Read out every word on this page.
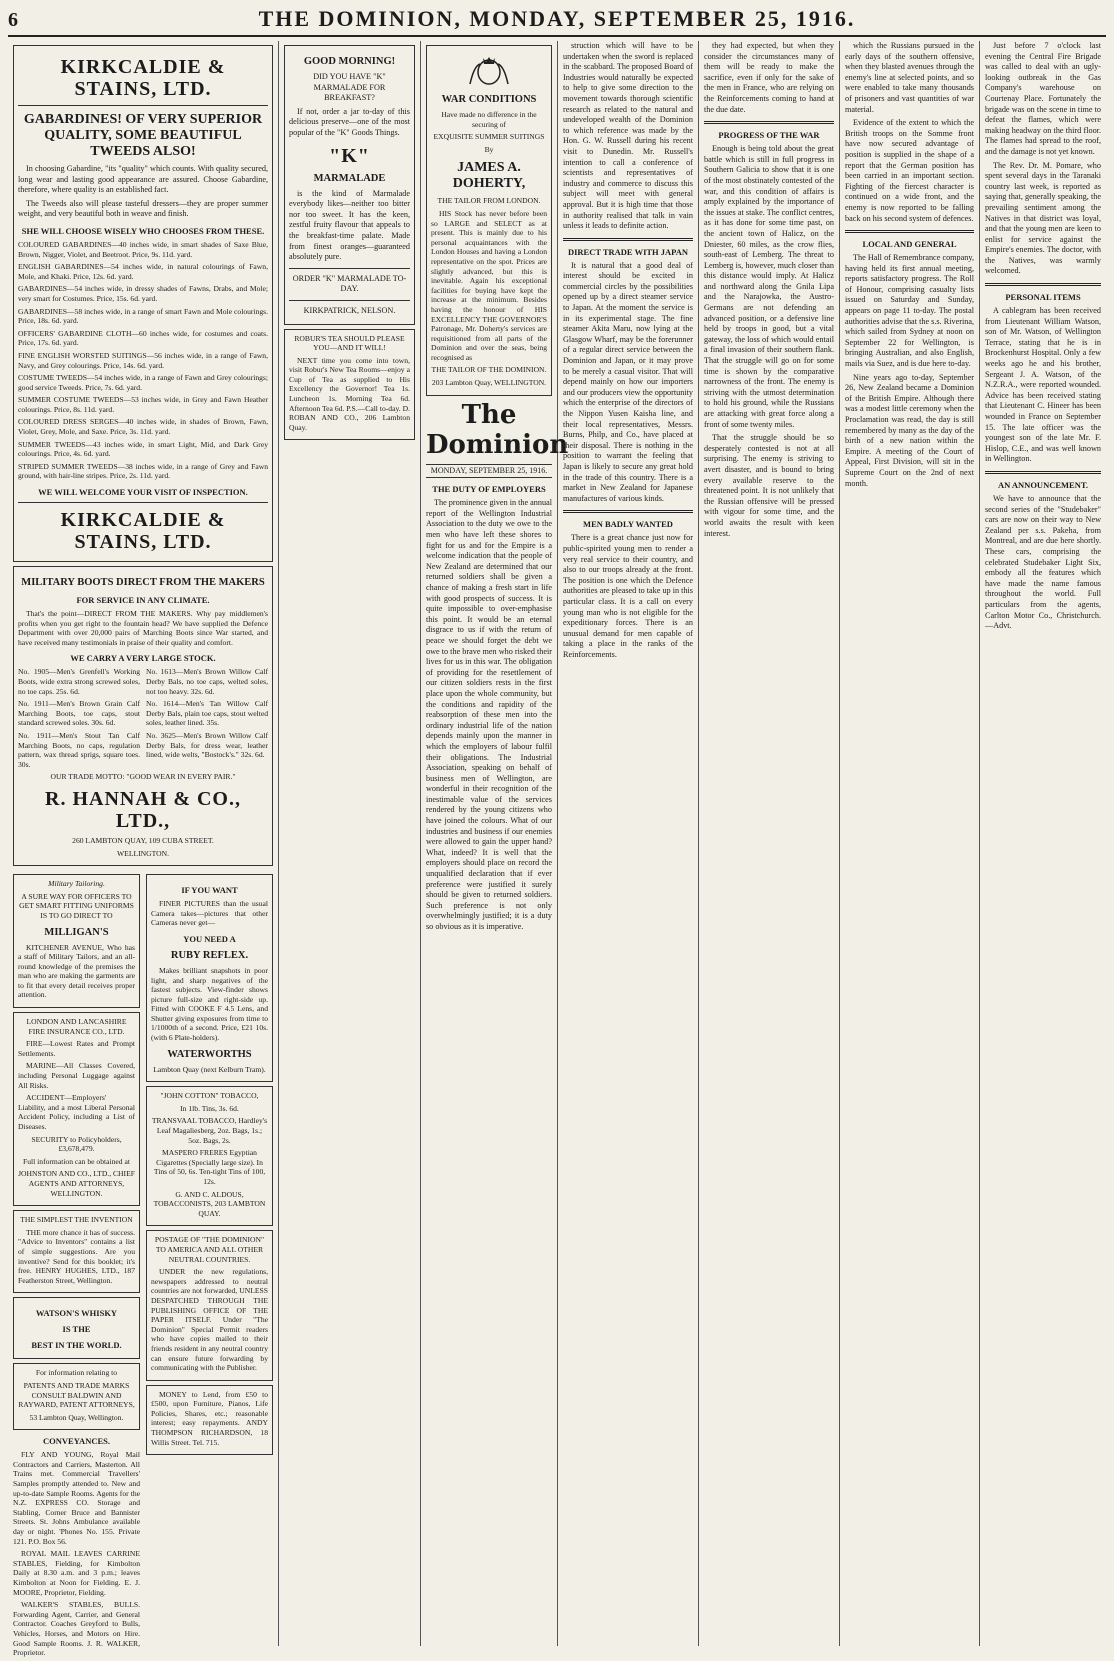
6	THE DOMINION, MONDAY, SEPTEMBER 25, 1916.
KIRKCALDIE & STAINS, LTD.
GABARDINES! OF VERY SUPERIOR QUALITY, SOME BEAUTIFUL TWEEDS ALSO!

In choosing Gabardine, "its "quality" which counts. With quality secured, long wear and lasting good appearance are assured. Choose Gabardine, therefore, where quality is an established fact.

The Tweeds also will please tasteful dressers—they are proper summer weight, and very beautiful both in weave and finish.

SHE WILL CHOOSE WISELY WHO CHOOSES FROM THESE.

COLOURED GABARDINES—40 inches wide, in smart shades of Saxe Blue, Brown, Nigger, Violet, and Beetroot. Price, 9s. 11d. yard.

ENGLISH GABARDINES—54 inches wide, in natural colourings of Fawn, Mole, and Khaki. Price, 12s. 6d. yard.

GABARDINES—54 inches wide, in dressy shades of Fawns, Drabs, and Mole; very smart for Costumes. Price, 15s. 6d. yard.

GABARDINES—58 inches wide, in a range of smart Fawn and Mole colourings. Price, 18s. 6d. yard.

OFFICERS' GABARDINE CLOTH—60 inches wide, for costumes and coats. Price, 17s. 6d. yard.

FINE ENGLISH WORSTED SUITINGS—56 inches wide, in a range of Fawn, Navy, and Grey colourings. Price, 14s. 6d. yard.

COSTUME TWEEDS—54 inches wide, in a range of Fawn and Grey colourings; good service Tweeds. Price, 7s. 6d. yard.

SUMMER COSTUME TWEEDS—53 inches wide, in Grey and Fawn Heather colourings. Price, 8s. 11d. yard.

COLOURED DRESS SERGES—40 inches wide, in shades of Brown, Fawn, Violet, Grey, Mole, and Saxe. Price, 3s. 11d. yard.

SUMMER TWEEDS—43 inches wide, in smart Light, Mid, and Dark Grey colourings. Price, 4s. 6d. yard.

STRIPED SUMMER TWEEDS—38 inches wide, in a range of Grey and Fawn ground, with hair-line stripes. Price, 2s. 11d. yard.

WE WILL WELCOME YOUR VISIT OF INSPECTION.
KIRKCALDIE & STAINS, LTD.
MILITARY BOOTS DIRECT FROM THE MAKERS
FOR SERVICE IN ANY CLIMATE.

That's the point—DIRECT FROM THE MAKERS. Why pay middlemen's profits when you get right to the fountain head? We have supplied the Defence Department with over 20,000 pairs of Marching Boots since War started, and have received many testimonials in praise of their quality and comfort.

WE CARRY A VERY LARGE STOCK.

No. 1905—Men's Grenfell's Working Boots, wide extra strong screwed soles, no toe caps. 25s. 6d.

No. 1911—Men's Brown Grain Calf Marching Boots, toe caps, stout standard screwed soles. 30s. 6d.

No. 1911—Men's Stout Tan Calf Marching Boots, no caps, regulation pattern, wax thread sprigs, square toes. 30s.

No. 1613—Men's Brown Willow Calf Derby Bals, no toe caps, welted soles, not too heavy. 32s. 6d.

No. 1614—Men's Tan Willow Calf Derby Bals, plain toe caps, stout welted soles, leather lined. 35s.

No. 3625—Men's Brown Willow Calf Derby Bals, for dress wear, leather lined, wide welts, "Bostock's." 32s. 6d.

OUR TRADE MOTTO: "GOOD WEAR IN EVERY PAIR."

R. HANNAH & CO., LTD.,

260 LAMBTON QUAY, 109 CUBA STREET.

WELLINGTON.

Military Tailoring.

A SURE WAY FOR OFFICERS TO GET SMART FITTING UNIFORMS IS TO GO DIRECT TO

MILLIGAN'S

KITCHENER AVENUE, Who has a staff of Military Tailors, and an all-round knowledge of the premises the man who are making the garments are to fit that every detail receives proper attention.

LONDON AND LANCASHIRE FIRE INSURANCE CO., LTD.

FIRE—Lowest Rates and Prompt Settlements.

MARINE—All Classes Covered, including Personal Luggage against All Risks.

ACCIDENT—Employers' Liability, and a most Liberal Personal Accident Policy, including a List of Diseases.

SECURITY to Policyholders, £3,678,479.

Full information can be obtained at

JOHNSTON AND CO., LTD., CHIEF AGENTS AND ATTORNEYS, WELLINGTON.

THE SIMPLEST THE INVENTION

THE more chance it has of success. "Advice to Inventors" contains a list of simple suggestions. Are you inventive? Send for this booklet; it's free. HENRY HUGHES, LTD., 187 Featherston Street, Wellington.

WATSON'S WHISKY
IS THE
BEST IN THE WORLD.

For information relating to

PATENTS AND TRADE MARKS CONSULT BALDWIN AND RAYWARD, PATENT ATTORNEYS,

53 Lambton Quay, Wellington.

CONVEYANCES.

FLY AND YOUNG, Royal Mail Contractors and Carriers, Masterton. All Trains met. Commercial Travellers' Samples promptly attended to. New and up-to-date Sample Rooms. Agents for the N.Z. EXPRESS CO. Storage and Stabling, Corner Bruce and Bannister Streets. St. Johns Ambulance available day or night. 'Phones No. 155. Private 121. P.O. Box 56.

ROYAL MAIL LEAVES CARRINE STABLES, Fielding, for Kimbolton Daily at 8.30 a.m. and 3 p.m.; leaves Kimbolton at Noon for Fielding. E. J. MOORE, Proprietor, Fielding.

WALKER'S STABLES, BULLS. Forwarding Agent, Carrier, and General Contractor. Coaches Greyford to Bulls, Vehicles, Horses, and Motors on Hire. Good Sample Rooms. J. R. WALKER, Proprietor.

IF YOU WANT

FINER PICTURES than the usual Camera takes—pictures that other Cameras never get—

YOU NEED A
RUBY REFLEX.

Makes brilliant snapshots in poor light, and sharp negatives of the fastest subjects. View-finder shows picture full-size and right-side up. Fitted with COOKE F 4.5 Lens, and Shutter giving exposures from time to 1/1000th of a second. Price, £21 10s. (with 6 Plate-holders).

WATERWORTHS

Lambton Quay (next Kelburn Tram).

"JOHN COTTON" TOBACCO,

In 1lb. Tins, 3s. 6d.

TRANSVAAL TOBACCO, Hardley's Leaf Magaliesberg, 2oz. Bags, 1s.; 5oz. Bags, 2s.

MASPERO FRERES Egyptian Cigarettes (Specially large size). In Tins of 50, 6s. Ten-tight Tins of 100, 12s.

G. AND C. ALDOUS, TOBACCONISTS, 203 LAMBTON QUAY.

POSTAGE OF "THE DOMINION" TO AMERICA AND ALL OTHER NEUTRAL COUNTRIES.

UNDER the new regulations, newspapers addressed to neutral countries are not forwarded, UNLESS DESPATCHED THROUGH THE PUBLISHING OFFICE OF THE PAPER ITSELF. Under "The Dominion" Special Permit readers who have copies mailed to their friends resident in any neutral country can ensure future forwarding by communicating with the Publisher.

MONEY to Lend, from £50 to £500, upon Furniture, Pianos, Life Policies, Shares, etc.; reasonable interest; easy repayments. ANDY THOMPSON RICHARDSON, 18 Willis Street. Tel. 715.

GOOD MORNING!

DID YOU HAVE "K" MARMALADE FOR BREAKFAST?

If not, order a jar to-day of this delicious preserve—one of the most popular of the "K" Goods Things.

"K"
MARMALADE

is the kind of Marmalade everybody likes—neither too bitter nor too sweet. It has the keen, zestful fruity flavour that appeals to the breakfast-time palate. Made from finest oranges—guaranteed absolutely pure.

ORDER "K" MARMALADE TO-DAY.

KIRKPATRICK, NELSON.

ROBUR'S TEA SHOULD PLEASE YOU—AND IT WILL!

NEXT time you come into town, visit Robur's New Tea Rooms—enjoy a Cup of Tea as supplied to His Excellency the Governor! Tea 1s. Luncheon 1s. Morning Tea 6d. Afternoon Tea 6d. P.S.—Call to-day. D. ROBAN AND CO., 206 Lambton Quay.

WAR CONDITIONS

Have made no difference in the securing of

EXQUISITE SUMMER SUITINGS

By

JAMES A. DOHERTY,

THE TAILOR FROM LONDON.

HIS Stock has never before been so LARGE and SELECT as at present. This is mainly due to his personal acquaintances with the London Houses and having a London representative on the spot. Prices are slightly advanced, but this is inevitable. Again his exceptional facilities for buying have kept the increase at the minimum. Besides having the honour of HIS EXCELLENCY THE GOVERNOR'S Patronage, Mr. Doherty's services are requisitioned from all parts of the Dominion and over the seas, being recognised as

THE TAILOR OF THE DOMINION.

203 Lambton Quay, WELLINGTON.

The Dominion
MONDAY, SEPTEMBER 25, 1916.
THE DUTY OF EMPLOYERS

The prominence given in the annual report of the Wellington Industrial Association to the duty we owe to the men who have left these shores to fight for us and for the Empire is a welcome indication that the people of New Zealand are determined that our returned soldiers shall be given a chance of making a fresh start in life with good prospects of success. It is quite impossible to over-emphasise this point. It would be an eternal disgrace to us if with the return of peace we should forget the debt we owe to the brave men who risked their lives for us in this war. The obligation of providing for the resettlement of our citizen soldiers rests in the first place upon the whole community, but the conditions and rapidity of the reabsorption of these men into the ordinary industrial life of the nation depends mainly upon the manner in which the employers of labour fulfil their obligations. The Industrial Association, speaking on behalf of business men of Wellington, are wonderful in their recognition of the inestimable value of the services rendered by the young citizens who have joined the colours. What of our industries and business if our enemies were allowed to gain the upper hand? What, indeed? It is well that the employers should place on record the unqualified declaration that if ever preference were justified it surely should be given to returned soldiers. Such preference is not only overwhelmingly justified; it is a duty so obvious as it is imperative.

struction which will have to be undertaken when the sword is replaced in the scabbard. The proposed Board of Industries would naturally be expected to help to give some direction to the movement towards thorough scientific research as related to the natural and undeveloped wealth of the Dominion to which reference was made by the Hon. G. W. Russell during his recent visit to Dunedin. Mr. Russell's intention to call a conference of scientists and representatives of industry and commerce to discuss this subject will meet with general approval. But it is high time that those in authority realised that talk in vain unless it leads to definite action.

DIRECT TRADE WITH JAPAN

It is natural that a good deal of interest should be excited in commercial circles by the possibilities opened up by a direct steamer service to Japan. At the moment the service is in its experimental stage. The fine steamer Akita Maru, now lying at the Glasgow Wharf, may be the forerunner of a regular direct service between the Dominion and Japan, or it may prove to be merely a casual visitor. That will depend mainly on how our importers and our producers view the opportunity which the enterprise of the directors of the Nippon Yusen Kaisha line, and their local representatives, Messrs. Burns, Philp, and Co., have placed at their disposal. There is nothing in the position to warrant the feeling that Japan is likely to secure any great hold in the trade of this country. There is a market in New Zealand for Japanese manufactures of various kinds.

MEN BADLY WANTED

There is a great chance just now for public-spirited young men to render a very real service to their country, and also to our troops already at the front. The position is one which the Defence authorities are pleased to take up in this particular class. It is a call on every young man who is not eligible for the expeditionary forces. There is an unusual demand for men capable of taking a place in the ranks of the Reinforcements.

they had expected, but when they consider the circumstances many of them will be ready to make the sacrifice, even if only for the sake of the men in France, who are relying on the Reinforcements coming to hand at the due date.

PROGRESS OF THE WAR

Enough is being told about the great battle which is still in full progress in Southern Galicia to show that it is one of the most obstinately contested of the war, and this condition of affairs is amply explained by the importance of the issues at stake. The conflict centres, as it has done for some time past, on the ancient town of Halicz, on the Dniester, 60 miles, as the crow flies, south-east of Lemberg. The threat to Lemberg is, however, much closer than this distance would imply. At Halicz and northward along the Gnila Lipa and the Narajowka, the Austro-Germans are not defending an advanced position, or a defensive line held by troops in good, but a vital gateway, the loss of which would entail a final invasion of their southern flank. That the struggle will go on for some time is shown by the comparative narrowness of the front. The enemy is striving with the utmost determination to hold his ground, while the Russians are attacking with great force along a front of some twenty miles.

That the struggle should be so desperately contested is not at all surprising. The enemy is striving to avert disaster, and is bound to bring every available reserve to the threatened point. It is not unlikely that the Russian offensive will be pressed with vigour for some time, and the world awaits the result with keen interest.

which the Russians pursued in the early days of the southern offensive, when they blasted avenues through the enemy's line at selected points, and so were enabled to take many thousands of prisoners and vast quantities of war material.

Evidence of the extent to which the British troops on the Somme front have now secured advantage of position is supplied in the shape of a report that the German position has been carried in an important section. Fighting of the fiercest character is continued on a wide front, and the enemy is now reported to be falling back on his second system of defences.

LOCAL AND GENERAL

The Hall of Remembrance company, having held its first annual meeting, reports satisfactory progress. The Roll of Honour, comprising casualty lists issued on Saturday and Sunday, appears on page 11 to-day. The postal authorities advise that the s.s. Riverina, which sailed from Sydney at noon on September 22 for Wellington, is bringing Australian, and also English, mails via Suez, and is due here to-day.

Nine years ago to-day, September 26, New Zealand became a Dominion of the British Empire. Although there was a modest little ceremony when the Proclamation was read, the day is still remembered by many as the day of the birth of a new nation within the Empire. A meeting of the Court of Appeal, First Division, will sit in the Supreme Court on the 2nd of next month.

Just before 7 o'clock last evening the Central Fire Brigade was called to deal with an ugly-looking outbreak in the Gas Company's warehouse on Courtenay Place. Fortunately the brigade was on the scene in time to defeat the flames, which were making headway on the third floor. The flames had spread to the roof, and the damage is not yet known.

The Rev. Dr. M. Pomare, who spent several days in the Taranaki country last week, is reported as saying that, generally speaking, the prevailing sentiment among the Natives in that district was loyal, and that the young men are keen to enlist for service against the Empire's enemies. The doctor, with the Natives, was warmly welcomed.

PERSONAL ITEMS

A cablegram has been received from Lieutenant William Watson, son of Mr. Watson, of Wellington Terrace, stating that he is in Brockenhurst Hospital. Only a few weeks ago he and his brother, Sergeant J. A. Watson, of the N.Z.R.A., were reported wounded. Advice has been received stating that Lieutenant C. Hineer has been wounded in France on September 15. The late officer was the youngest son of the late Mr. F. Hislop, C.E., and was well known in Wellington.

AN ANNOUNCEMENT.

We have to announce that the second series of the "Studebaker" cars are now on their way to New Zealand per s.s. Pakeha, from Montreal, and are due here shortly. These cars, comprising the celebrated Studebaker Light Six, embody all the features which have made the name famous throughout the world. Full particulars from the agents, Carlton Motor Co., Christchurch.—Advt.
